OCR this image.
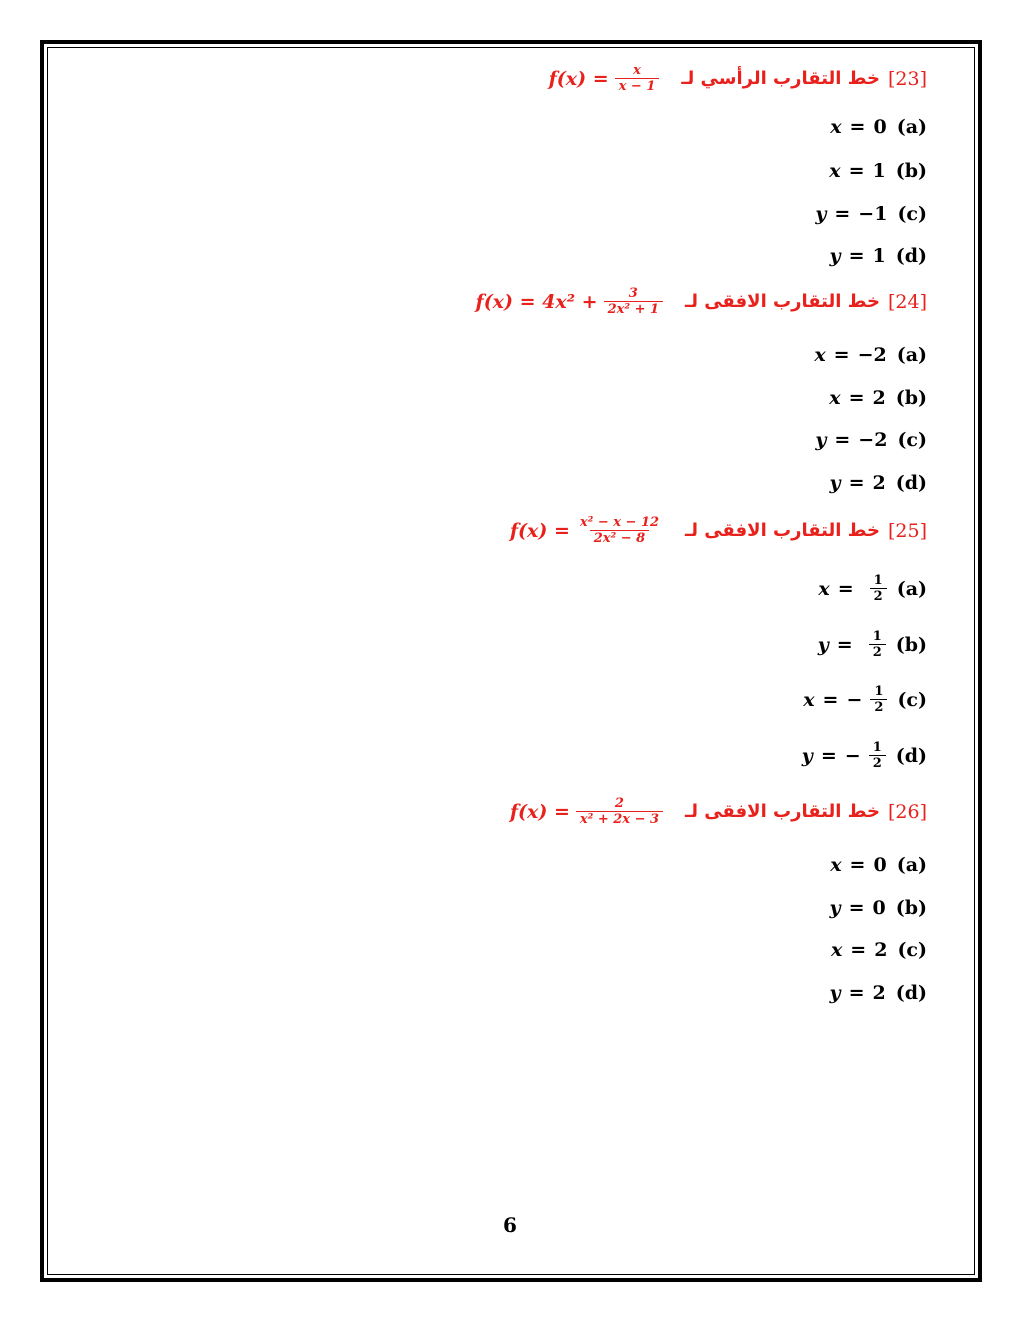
[23]
خط التقارب الرأسي لـ
$f(x) = \frac{x}{x - 1}$
x = 0 (a)
x = 1 (b)
y = −1 (c)
y = 1 (d)
[24]
خط التقارب الافقى لـ
$f(x) = 4x^2 + \frac{3}{\text{2x² + 1}}$
x = −2 (a)
x = 2 (b)
y = −2 (c)
y = 2 (d)
[25]
خط التقارب الافقى لـ
$f(x) = \frac{\text{x² − x − 12}}{\text{2x² − 8}}$
$x = \frac{1}{2} (a)$
$y = \frac{1}{2} (b)$
x = − $\frac{1}{2} (c)$
y = − $\frac{1}{2} (d)$
[26]
خط التقارب الافقى لـ
$f(x) = \frac{2}{\text{x² + 2x − 3}}$
x = 0 (a)
y = 0 (b)
x = 2 (c)
y = 2 (d)
6
